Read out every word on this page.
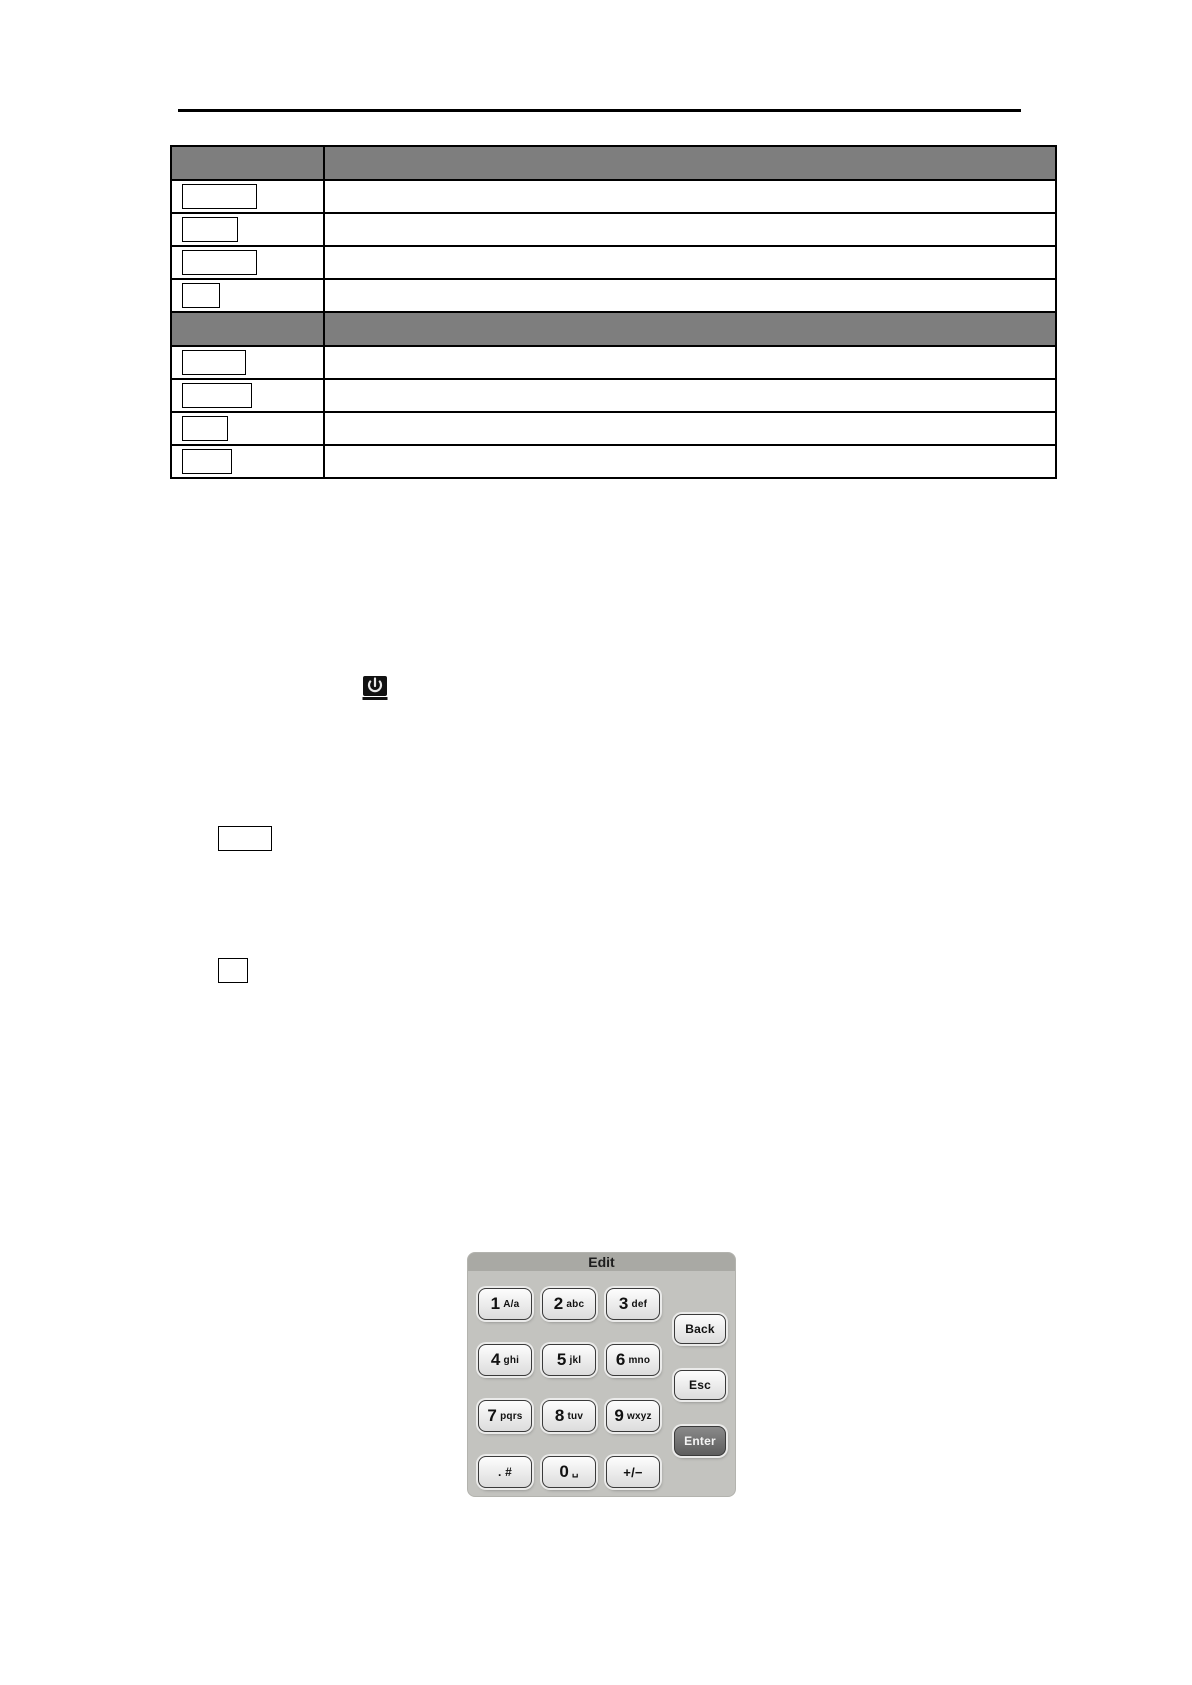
Edit
1 A/a 2 abc 3 def
4 ghi 5 jkl 6 mno
7 pqrs 8 tuv 9 wxyz
. #	0 ␣	+/−
Back
Esc
Enter
